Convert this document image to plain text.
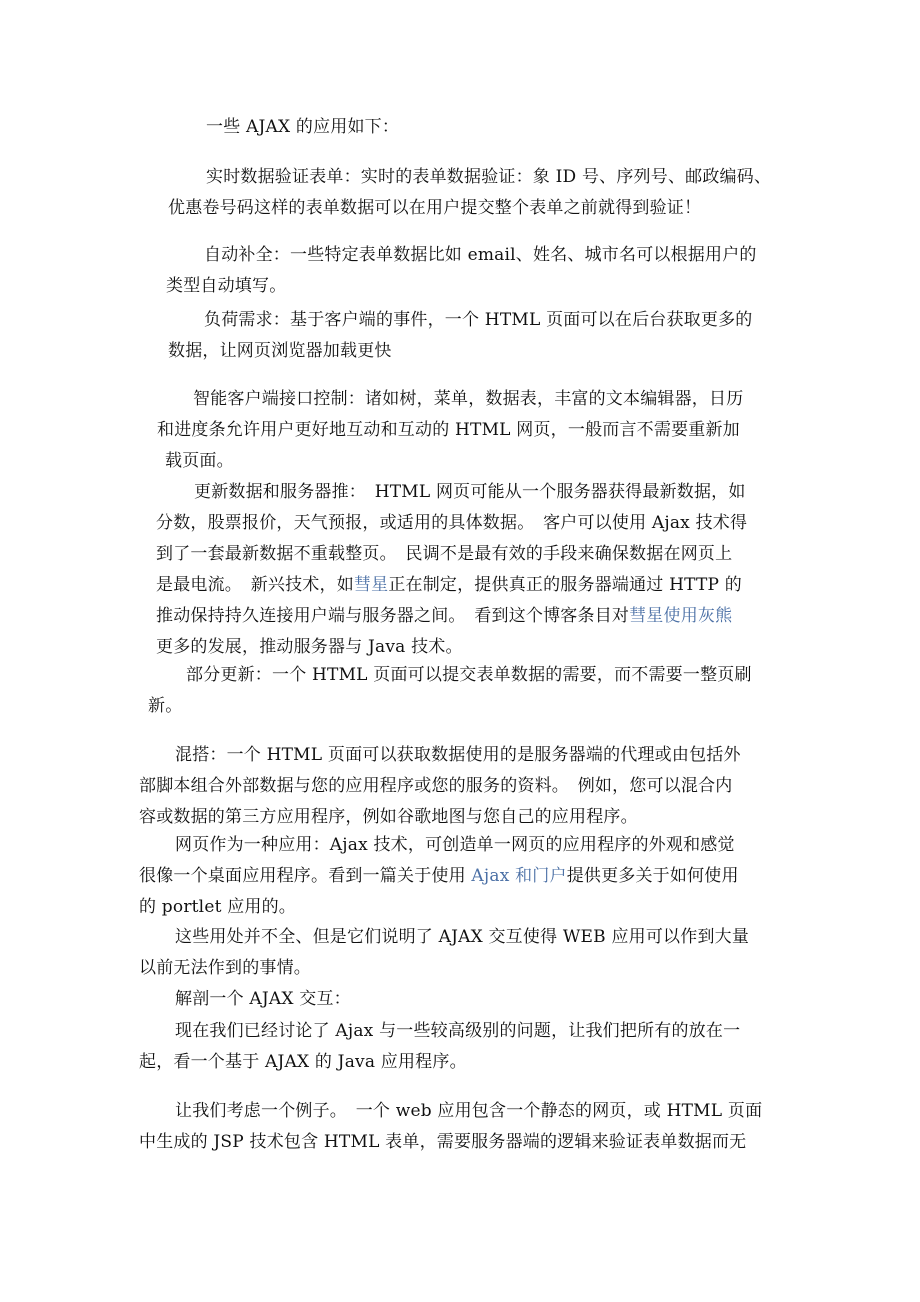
一些 AJAX 的应用如下：
实时数据验证表单：实时的表单数据验证：象 ID 号、序列号、邮政编码、
优惠卷号码这样的表单数据可以在用户提交整个表单之前就得到验证！
自动补全：一些特定表单数据比如 email、姓名、城市名可以根据用户的
类型自动填写。
负荷需求：基于客户端的事件，一个 HTML 页面可以在后台获取更多的
数据，让网页浏览器加载更快
智能客户端接口控制：诸如树，菜单，数据表，丰富的文本编辑器，日历
和进度条允许用户更好地互动和互动的 HTML 网页，一般而言不需要重新加
载页面。
更新数据和服务器推：　HTML 网页可能从一个服务器获得最新数据，如
分数，股票报价，天气预报，或适用的具体数据。　客户可以使用 Ajax 技术得
到了一套最新数据不重载整页。　民调不是最有效的手段来确保数据在网页上
是最电流。　新兴技术，如彗星正在制定，提供真正的服务器端通过 HTTP 的
推动保持持久连接用户端与服务器之间。　看到这个博客条目对彗星使用灰熊
更多的发展，推动服务器与 Java 技术。
部分更新：一个 HTML 页面可以提交表单数据的需要，而不需要一整页刷
新。
混搭：一个 HTML 页面可以获取数据使用的是服务器端的代理或由包括外
部脚本组合外部数据与您的应用程序或您的服务的资料。　例如，您可以混合内
容或数据的第三方应用程序，例如谷歌地图与您自己的应用程序。
网页作为一种应用：Ajax 技术，可创造单一网页的应用程序的外观和感觉
很像一个桌面应用程序。看到一篇关于使用 Ajax 和门户提供更多关于如何使用
的 portlet 应用的。
这些用处并不全、但是它们说明了 AJAX 交互使得 WEB 应用可以作到大量
以前无法作到的事情。
解剖一个 AJAX 交互：
现在我们已经讨论了 Ajax 与一些较高级别的问题，让我们把所有的放在一
起，看一个基于 AJAX 的 Java 应用程序。
让我们考虑一个例子。　一个 web 应用包含一个静态的网页，或 HTML 页面
中生成的 JSP 技术包含 HTML 表单，需要服务器端的逻辑来验证表单数据而无
